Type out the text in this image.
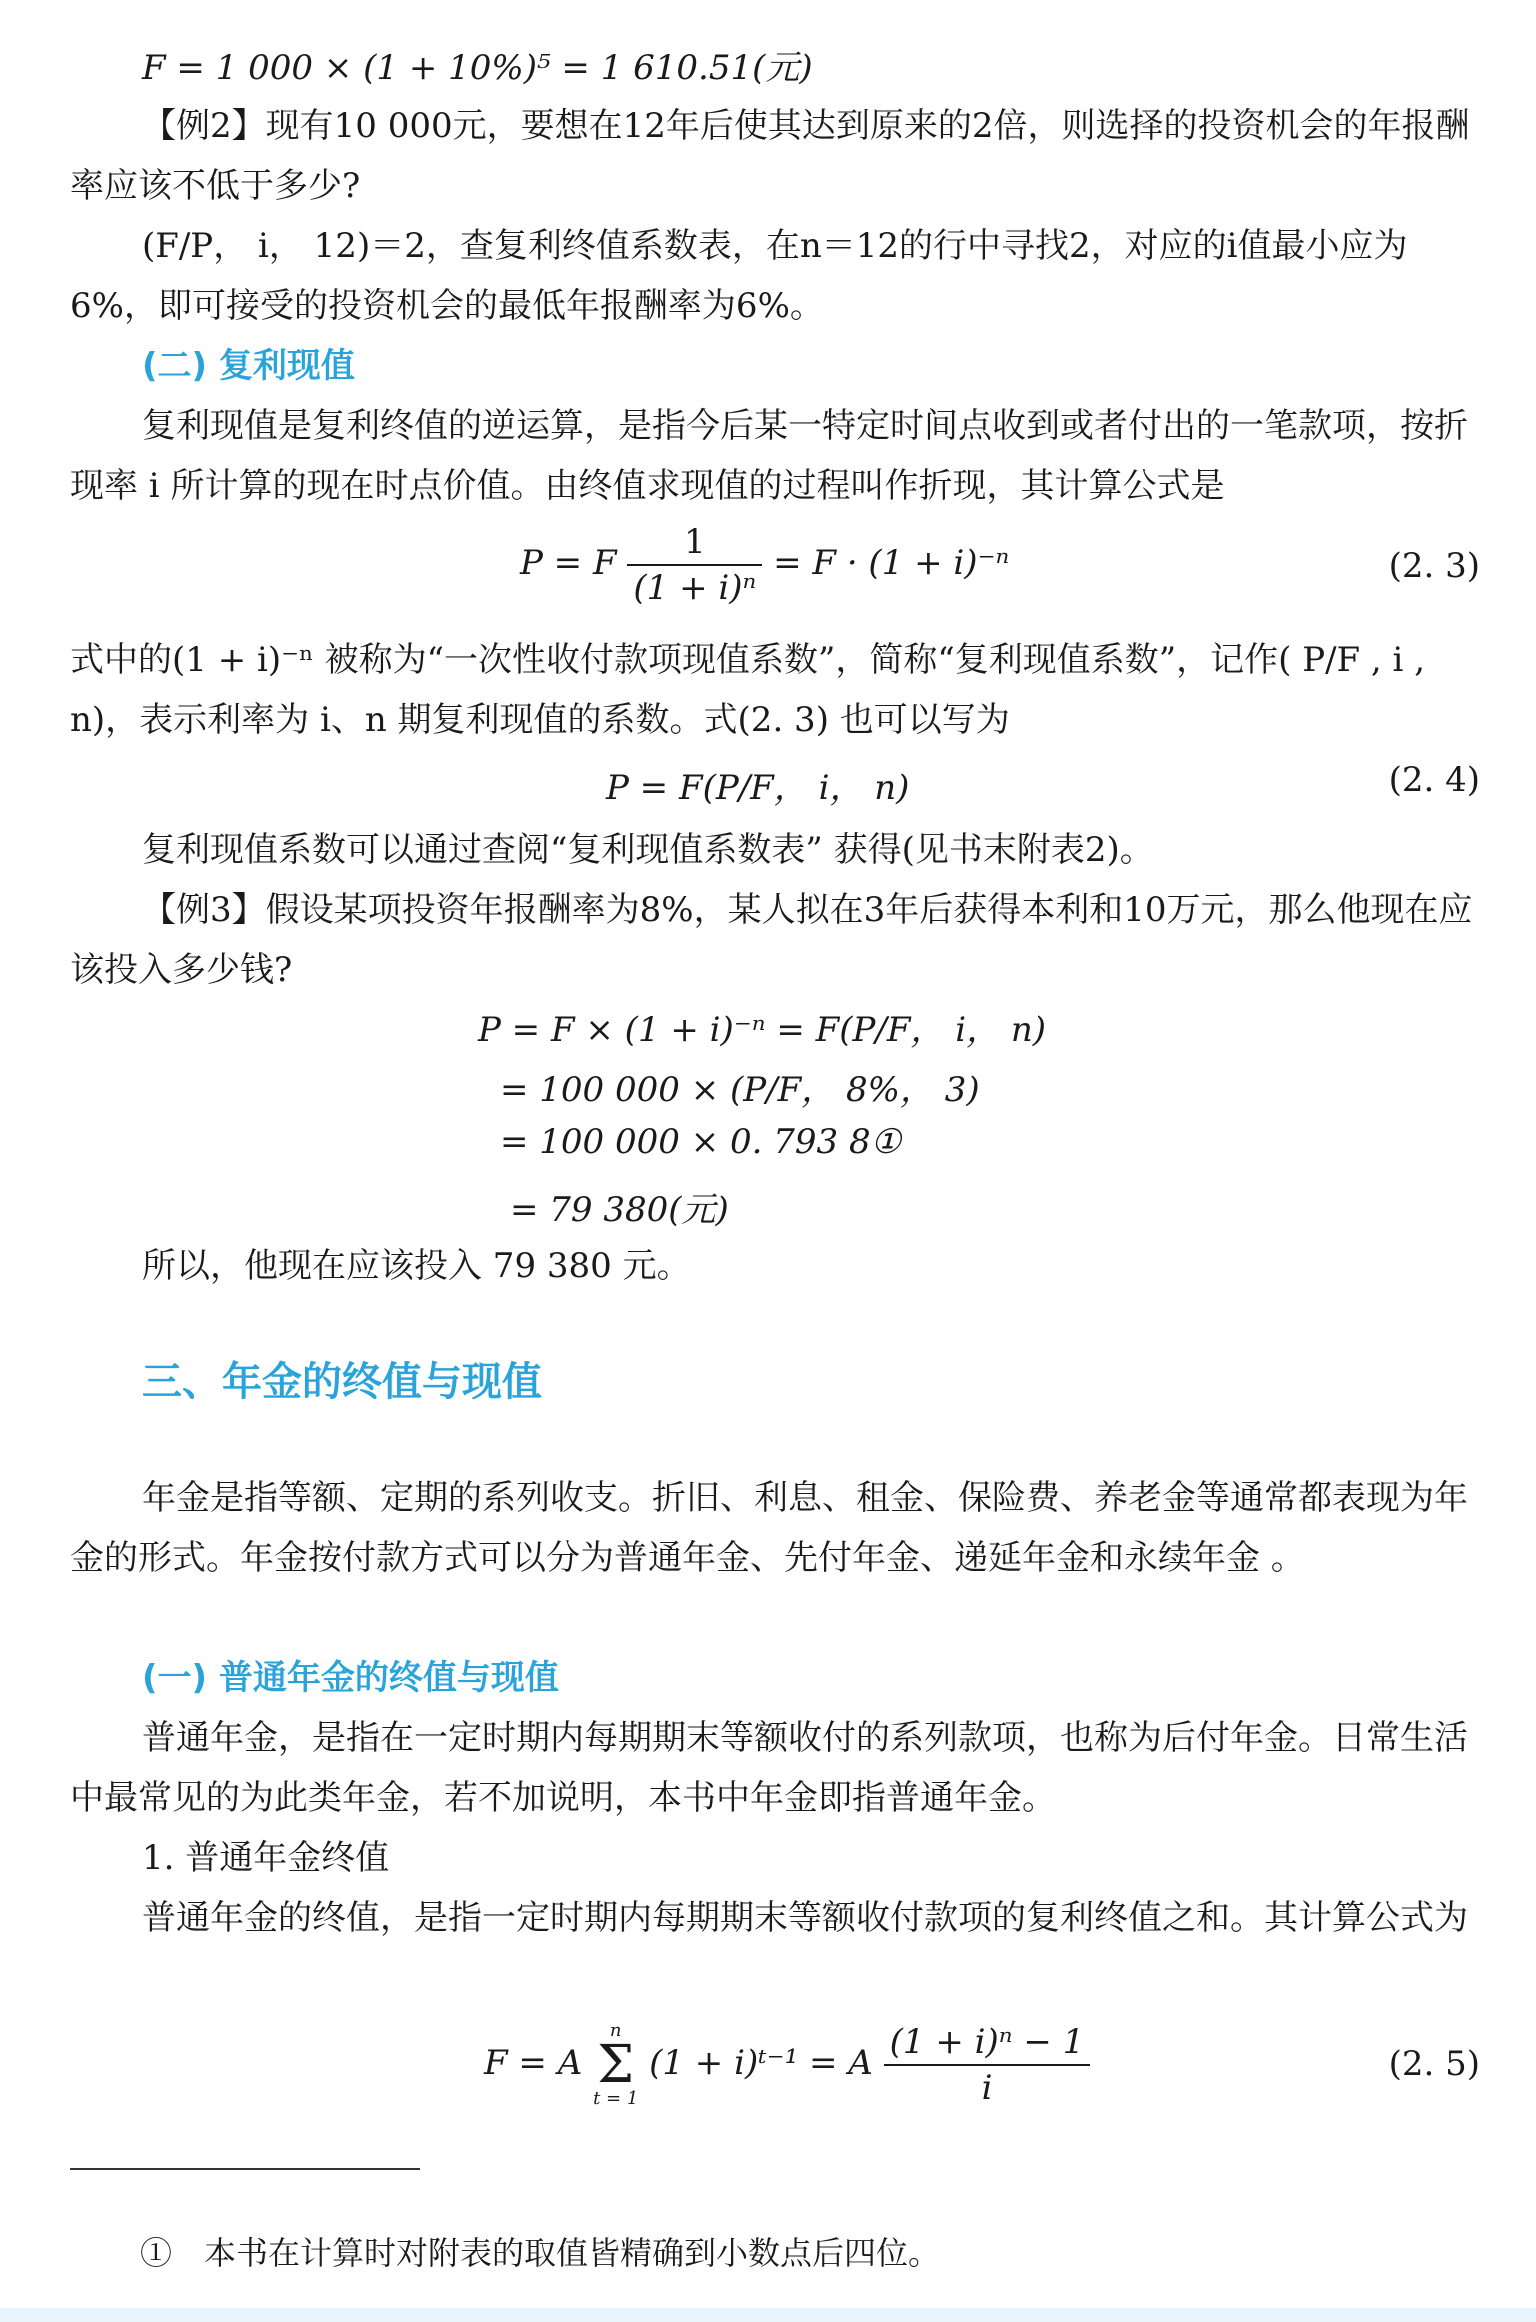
F = 1 000 × (1 + 10%)⁵ = 1 610.51(元)

【例2】现有10 000元，要想在12年后使其达到原来的2倍，则选择的投资机会的年报酬率应该不低于多少?

(F/P， i， 12)＝2，查复利终值系数表，在n＝12的行中寻找2，对应的i值最小应为6%，即可接受的投资机会的最低年报酬率为6%。

(二) 复利现值

复利现值是复利终值的逆运算，是指今后某一特定时间点收到或者付出的一笔款项，按折现率 i 所计算的现在时点价值。由终值求现值的过程叫作折现，其计算公式是

P = F $\frac{1}{\text{(1 + i)ⁿ}} = F \cdot (1 + i)^{-n}$	(2. 3)

式中的(1 + i)⁻ⁿ 被称为“一次性收付款项现值系数”，简称“复利现值系数”，记作( P/F , i , n)，表示利率为 i、n 期复利现值的系数。式(2. 3) 也可以写为

P = F(P/F， i， n)	(2. 4)

复利现值系数可以通过查阅“复利现值系数表” 获得(见书末附表2)。

【例3】假设某项投资年报酬率为8%，某人拟在3年后获得本利和10万元，那么他现在应该投入多少钱?

P = F × (1 + i)⁻ⁿ = F(P/F， i， n)
= 100 000 × (P/F， 8%， 3)
= 100 000 × 0. 793 8①
= 79 380(元)

所以，他现在应该投入 79 380 元。

三、年金的终值与现值

年金是指等额、定期的系列收支。折旧、利息、租金、保险费、养老金等通常都表现为年金的形式。年金按付款方式可以分为普通年金、先付年金、递延年金和永续年金 。

(一) 普通年金的终值与现值

普通年金，是指在一定时期内每期期末等额收付的系列款项，也称为后付年金。日常生活中最常见的为此类年金，若不加说明，本书中年金即指普通年金。

1. 普通年金终值

普通年金的终值，是指一定时期内每期期末等额收付款项的复利终值之和。其计算公式为

F = A
n
Σ
t = 1
(1 + i)ᵗ⁻¹ = A $\frac{\text{(1 + i)ⁿ − 1}}{i}$	(2. 5)
①　本书在计算时对附表的取值皆精确到小数点后四位。
